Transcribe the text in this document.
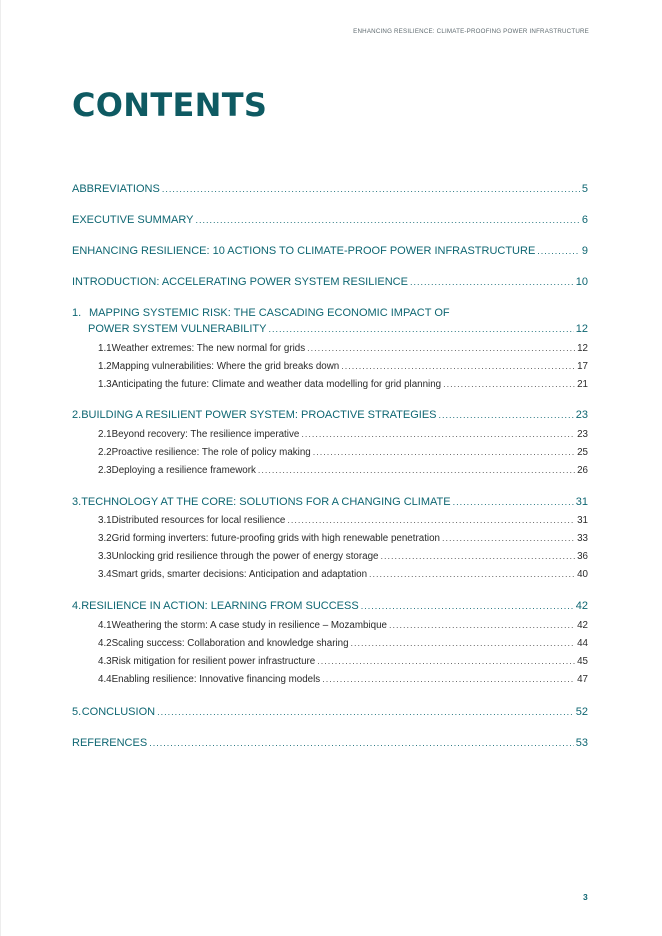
ENHANCING RESILIENCE: CLIMATE-PROOFING POWER INFRASTRUCTURE
CONTENTS
ABBREVIATIONS .....	5
EXECUTIVE SUMMARY .....	6
ENHANCING RESILIENCE: 10 ACTIONS TO CLIMATE-PROOF POWER INFRASTRUCTURE .....	9
INTRODUCTION: ACCELERATING POWER SYSTEM RESILIENCE .....	10
1. MAPPING SYSTEMIC RISK: THE CASCADING ECONOMIC IMPACT OF
POWER SYSTEM VULNERABILITY .....	12
1.1 Weather extremes: The new normal for grids .....	12
1.2 Mapping vulnerabilities: Where the grid breaks down .....	17
1.3 Anticipating the future: Climate and weather data modelling for grid planning .....	21
2. BUILDING A RESILIENT POWER SYSTEM: PROACTIVE STRATEGIES .....	23
2.1 Beyond recovery: The resilience imperative .....	23
2.2 Proactive resilience: The role of policy making .....	25
2.3 Deploying a resilience framework .....	26
3. TECHNOLOGY AT THE CORE: SOLUTIONS FOR A CHANGING CLIMATE .....	31
3.1 Distributed resources for local resilience .....	31
3.2 Grid forming inverters: future-proofing grids with high renewable penetration .....	33
3.3 Unlocking grid resilience through the power of energy storage .....	36
3.4 Smart grids, smarter decisions: Anticipation and adaptation .....	40
4. RESILIENCE IN ACTION: LEARNING FROM SUCCESS .....	42
4.1 Weathering the storm: A case study in resilience – Mozambique .....	42
4.2 Scaling success: Collaboration and knowledge sharing .....	44
4.3 Risk mitigation for resilient power infrastructure .....	45
4.4 Enabling resilience: Innovative financing models .....	47
5. CONCLUSION .....	52
REFERENCES .....	53
3
